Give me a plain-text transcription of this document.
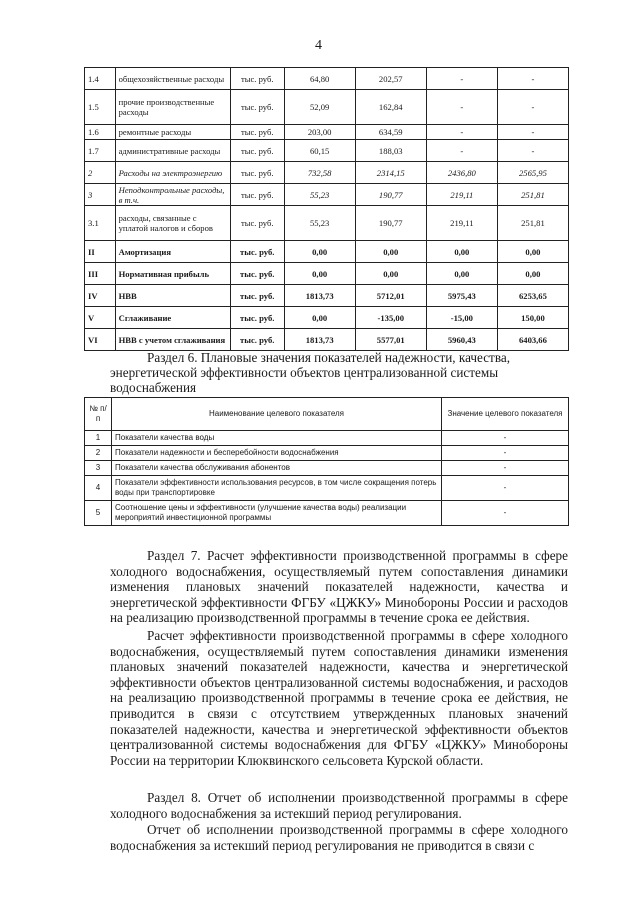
4
1.4	общехозяйственные расходы	тыс. руб.	64,80	202,57	-	-
1.5	прочие производственные расходы	тыс. руб.	52,09	162,84	-	-
1.6	ремонтные расходы	тыс. руб.	203,00	634,59	-	-
1.7	административные расходы	тыс. руб.	60,15	188,03	-	-
2	Расходы на электроэнергию	тыс. руб.	732,58	2314,15	2436,80	2565,95
3	Неподконтрольные расходы, в т.ч.	тыс. руб.	55,23	190,77	219,11	251,81
3.1	расходы, связанные с уплатой налогов и сборов	тыс. руб.	55,23	190,77	219,11	251,81
II	Амортизация	тыс. руб.	0,00	0,00	0,00	0,00
III	Нормативная прибыль	тыс. руб.	0,00	0,00	0,00	0,00
IV	НВВ	тыс. руб.	1813,73	5712,01	5975,43	6253,65
V	Сглаживание	тыс. руб.	0,00	-135,00	-15,00	150,00
VI	НВВ с учетом сглаживания	тыс. руб.	1813,73	5577,01	5960,43	6403,66
Раздел 6. Плановые значения показателей надежности, качества, энергетической эффективности объектов централизованной системы водоснабжения
№ п/п	Наименование целевого показателя	Значение целевого показателя
1	Показатели качества воды	-
2	Показатели надежности и бесперебойности водоснабжения	-
3	Показатели качества обслуживания абонентов	-
4	Показатели эффективности использования ресурсов, в том числе сокращения потерь воды при транспортировке	-
5	Соотношение цены и эффективности (улучшение качества воды) реализации мероприятий инвестиционной программы	-
Раздел 7. Расчет эффективности производственной программы в сфере холодного водоснабжения, осуществляемый путем сопоставления динамики изменения плановых значений показателей надежности, качества и энергетической эффективности ФГБУ «ЦЖКУ» Минобороны России и расходов на реализацию производственной программы в течение срока ее действия.
Расчет эффективности производственной программы в сфере холодного водоснабжения, осуществляемый путем сопоставления динамики изменения плановых значений показателей надежности, качества и энергетической эффективности объектов централизованной системы водоснабжения, и расходов на реализацию производственной программы в течение срока ее действия, не приводится в связи с отсутствием утвержденных плановых значений показателей надежности, качества и энергетической эффективности объектов централизованной системы водоснабжения для ФГБУ «ЦЖКУ» Минобороны России на территории Клюквинского сельсовета Курской области.
Раздел 8. Отчет об исполнении производственной программы в сфере холодного водоснабжения за истекший период регулирования.
Отчет об исполнении производственной программы в сфере холодного водоснабжения за истекший период регулирования не приводится в связи с
